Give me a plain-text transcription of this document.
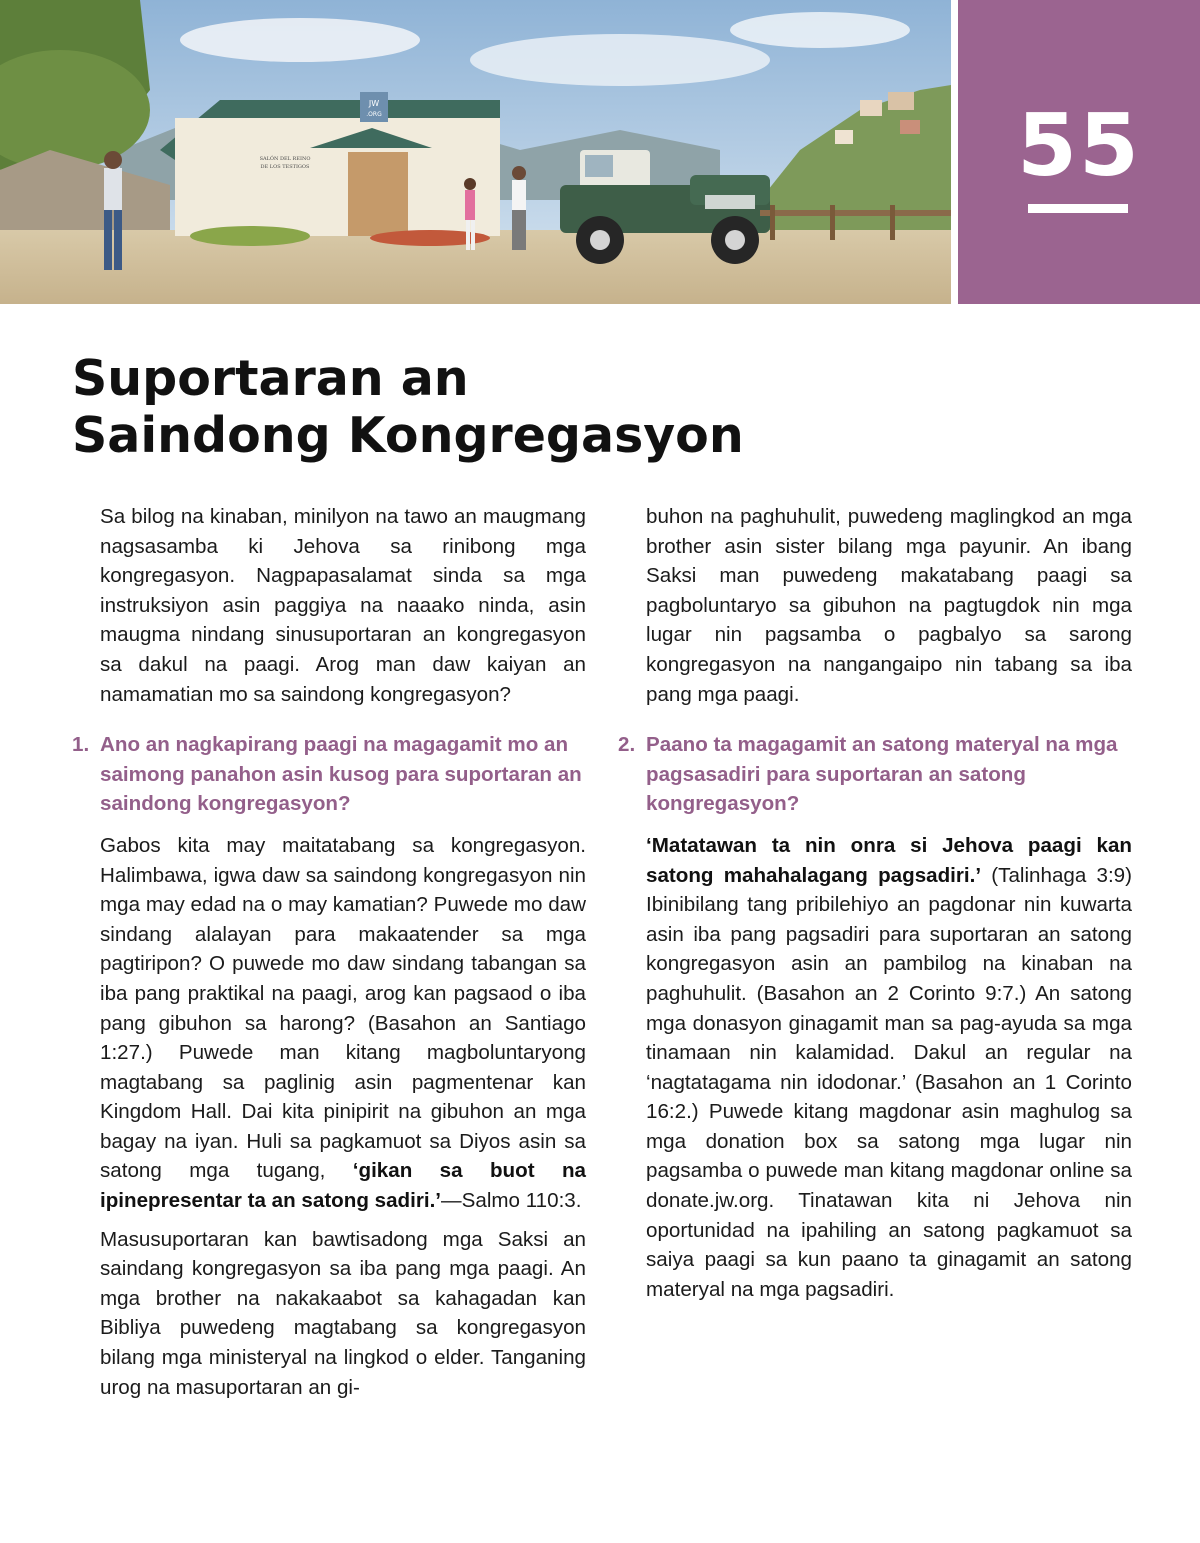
JW
.ORG
SALÓN DEL REINO
DE LOS TESTIGOS	55
Suportaran an
Saindong Kongregasyon

Sa bilog na kinaban, minilyon na tawo an maugmang nagsasamba ki Jehova sa rinibong mga kongregasyon. Nagpapasalamat sinda sa mga instruksiyon asin paggiya na naaako ninda, asin maugma nindang sinusuportaran an kongregasyon sa dakul na paagi. Arog man daw kaiyan an namamatian mo sa saindong kongregasyon?

1. Ano an nagkapirang paagi na magagamit mo an saimong panahon asin kusog para suportaran an saindong kongregasyon?

Gabos kita may maitatabang sa kongregasyon. Halimbawa, igwa daw sa saindong kongregasyon nin mga may edad na o may kamatian? Puwede mo daw sindang alalayan para makaatender sa mga pagtiripon? O puwede mo daw sindang tabangan sa iba pang praktikal na paagi, arog kan pagsaod o iba pang gibuhon sa harong? (Basahon an Santiago 1:27.) Puwede man kitang magboluntaryong magtabang sa paglinig asin pagmentenar kan Kingdom Hall. Dai kita pinipirit na gibuhon an mga bagay na iyan. Huli sa pagkamuot sa Diyos asin sa satong mga tugang, ‘gikan sa buot na ipinepresentar ta an satong sadiri.’—Salmo 110:3.

Masusuportaran kan bawtisadong mga Saksi an saindang kongregasyon sa iba pang mga paagi. An mga brother na nakakaabot sa kahagadan kan Bibliya puwedeng magtabang sa kongregasyon bilang mga ministeryal na lingkod o elder. Tanganing urog na masuportaran an gi-

buhon na paghuhulit, puwedeng maglingkod an mga brother asin sister bilang mga payunir. An ibang Saksi man puwedeng makatabang paagi sa pagboluntaryo sa gibuhon na pagtugdok nin mga lugar nin pagsamba o pagbalyo sa sarong kongregasyon na nangangaipo nin tabang sa iba pang mga paagi.

2. Paano ta magagamit an satong materyal na mga pagsasadiri para suportaran an satong kongregasyon?

‘Matatawan ta nin onra si Jehova paagi kan satong mahahalagang pagsadiri.’ (Talinhaga 3:9) Ibinibilang tang pribilehiyo an pagdonar nin kuwarta asin iba pang pagsadiri para suportaran an satong kongregasyon asin an pambilog na kinaban na paghuhulit. (Basahon an 2 Corinto 9:7.) An satong mga donasyon ginagamit man sa pag-ayuda sa mga tinamaan nin kalamidad. Dakul an regular na ‘nagtatagama nin idodonar.’ (Basahon an 1 Corinto 16:2.) Puwede kitang magdonar asin maghulog sa mga donation box sa satong mga lugar nin pagsamba o puwede man kitang magdonar online sa donate.jw.org. Tinatawan kita ni Jehova nin oportunidad na ipahiling an satong pagkamuot sa saiya paagi sa kun paano ta ginagamit an satong materyal na mga pagsadiri.
